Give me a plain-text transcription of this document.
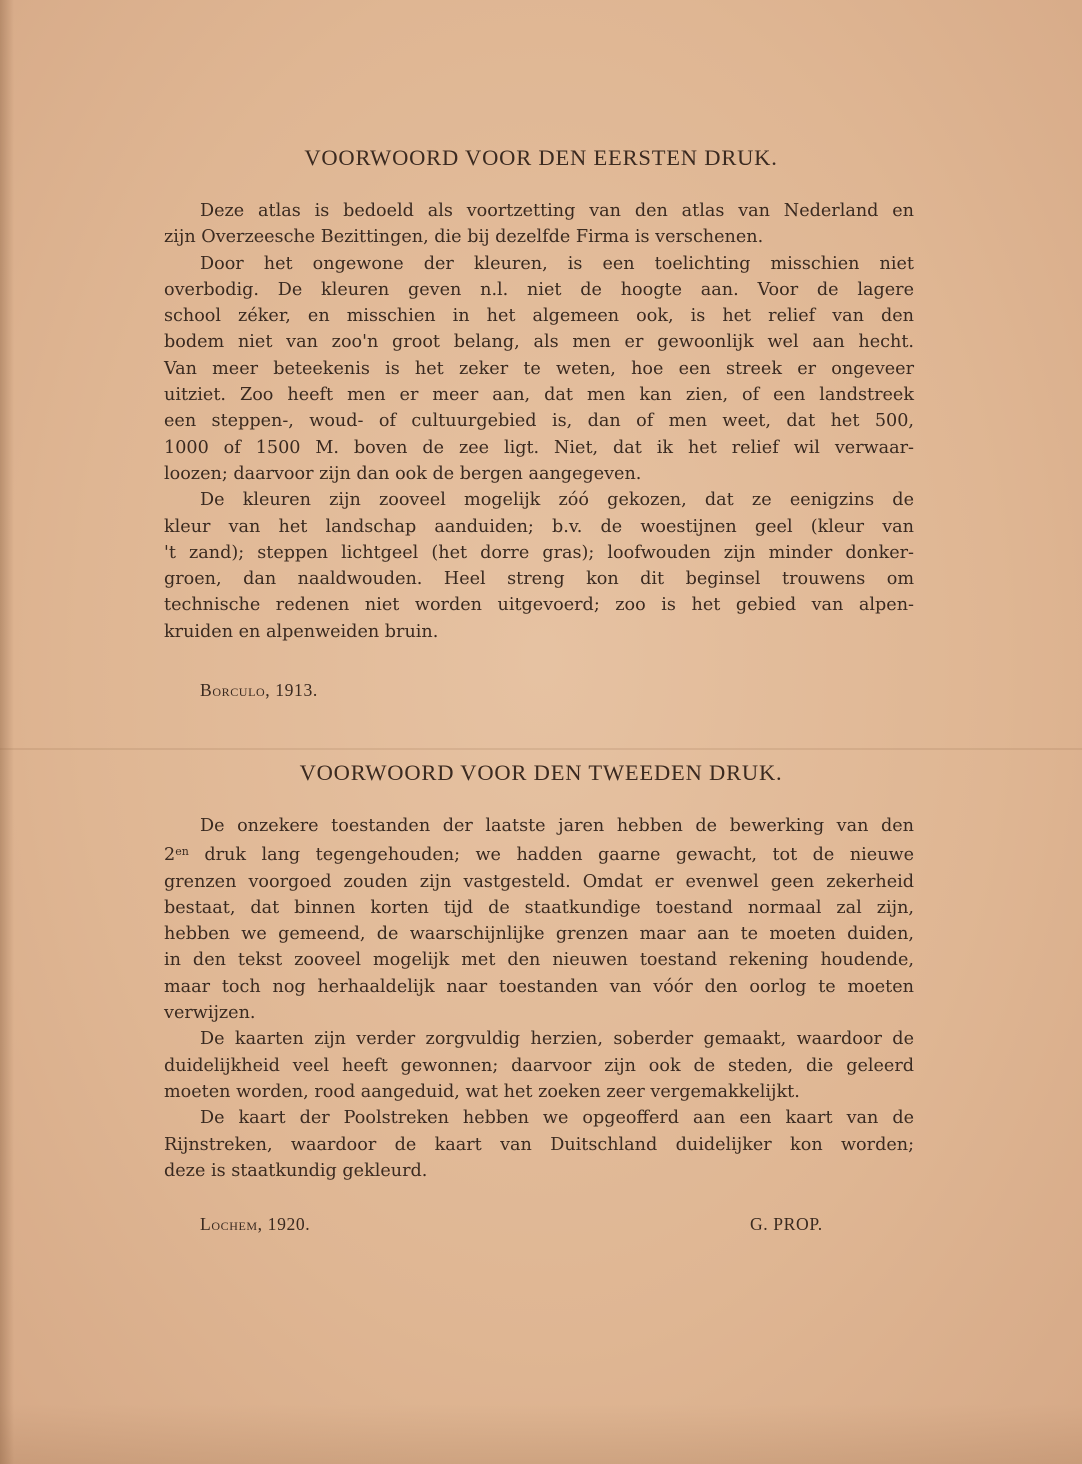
VOORWOORD VOOR DEN EERSTEN DRUK.

Deze atlas is bedoeld als voortzetting van den atlas van Nederland en
zijn Overzeesche Bezittingen, die bij dezelfde Firma is verschenen.

Door het ongewone der kleuren, is een toelichting misschien niet
overbodig. De kleuren geven n.l. niet de hoogte aan. Voor de lagere
school zéker, en misschien in het algemeen ook, is het relief van den
bodem niet van zoo'n groot belang, als men er gewoonlijk wel aan hecht.
Van meer beteekenis is het zeker te weten, hoe een streek er ongeveer
uitziet. Zoo heeft men er meer aan, dat men kan zien, of een landstreek
een steppen-, woud- of cultuurgebied is, dan of men weet, dat het 500,
1000 of 1500 M. boven de zee ligt. Niet, dat ik het relief wil verwaar-
loozen; daarvoor zijn dan ook de bergen aangegeven.

De kleuren zijn zooveel mogelijk zóó gekozen, dat ze eenigzins de
kleur van het landschap aanduiden; b.v. de woestijnen geel (kleur van
't zand); steppen lichtgeel (het dorre gras); loofwouden zijn minder donker-
groen, dan naaldwouden. Heel streng kon dit beginsel trouwens om
technische redenen niet worden uitgevoerd; zoo is het gebied van alpen-
kruiden en alpenweiden bruin.

Borculo, 1913.
VOORWOORD VOOR DEN TWEEDEN DRUK.

De onzekere toestanden der laatste jaren hebben de bewerking van den
$2^{en}$ druk lang tegengehouden; we hadden gaarne gewacht, tot de nieuwe
grenzen voorgoed zouden zijn vastgesteld. Omdat er evenwel geen zekerheid
bestaat, dat binnen korten tijd de staatkundige toestand normaal zal zijn,
hebben we gemeend, de waarschijnlijke grenzen maar aan te moeten duiden,
in den tekst zooveel mogelijk met den nieuwen toestand rekening houdende,
maar toch nog herhaaldelijk naar toestanden van vóór den oorlog te moeten
verwijzen.

De kaarten zijn verder zorgvuldig herzien, soberder gemaakt, waardoor de
duidelijkheid veel heeft gewonnen; daarvoor zijn ook de steden, die geleerd
moeten worden, rood aangeduid, wat het zoeken zeer vergemakkelijkt.

De kaart der Poolstreken hebben we opgeofferd aan een kaart van de
Rijnstreken, waardoor de kaart van Duitschland duidelijker kon worden;
deze is staatkundig gekleurd.

Lochem, 1920.	G. PROP.
